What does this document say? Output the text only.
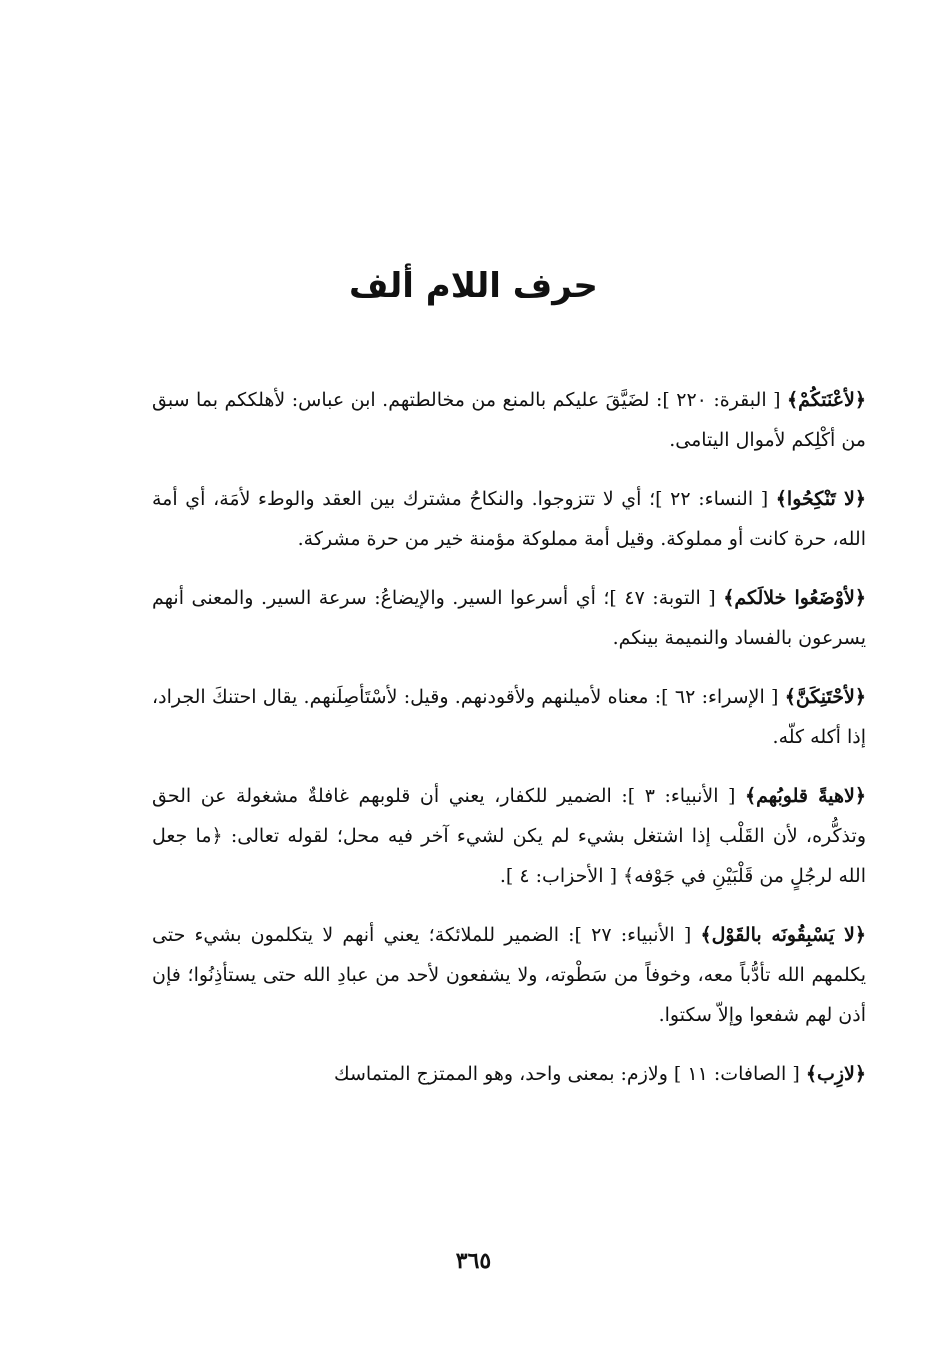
حرف اللام ألف

﴿لأعْنَتكُمْ﴾ [ البقرة: ٢٢٠ ]: لضَيَّقَ عليكم بالمنع من مخالطتهم. ابن عباس: لأهلككم بما سبق من أكْلِكم لأموال اليتامى.

﴿لا تَنْكِحُوا﴾ [ النساء: ٢٢ ]؛ أي لا تتزوجوا. والنكاحُ مشترك بين العقد والوطء لأمَة، أي أمة الله، حرة كانت أو مملوكة. وقيل أمة مملوكة مؤمنة خير من حرة مشركة.

﴿لأوْضَعُوا خلالَكم﴾ [ التوبة: ٤٧ ]؛ أي أسرعوا السير. والإيضاعُ: سرعة السير. والمعنى أنهم يسرعون بالفساد والنميمة بينكم.

﴿لأحْتَنِكَنَّ﴾ [ الإسراء: ٦٢ ]: معناه لأميلنهم ولأقودنهم. وقيل: لأسْتَأصِلَنهم. يقال احتنكَ الجراد، إذا أكله كلّه.

﴿لاهيةً قلوبُهم﴾ [ الأنبياء: ٣ ]: الضمير للكفار، يعني أن قلوبهم غافلةٌ مشغولة عن الحق وتذكُّره، لأن القَلْب إذا اشتغل بشيء لم يكن لشيء آخر فيه محل؛ لقوله تعالى: ﴿ما جعل الله لرجُلٍ من قَلْبَيْنِ في جَوْفه﴾ [ الأحزاب: ٤ ].

﴿لا يَسْبِقُونَه بالقَوْل﴾ [ الأنبياء: ٢٧ ]: الضمير للملائكة؛ يعني أنهم لا يتكلمون بشيء حتى يكلمهم الله تأدُّباً معه، وخوفاً من سَطْوته، ولا يشفعون لأحد من عبادِ الله حتى يستأذِنُوا؛ فإن أذن لهم شفعوا وإلاّ سكتوا.

﴿لازِب﴾ [ الصافات: ١١ ] ولازم: بمعنى واحد، وهو الممتزج المتماسك

٣٦٥
